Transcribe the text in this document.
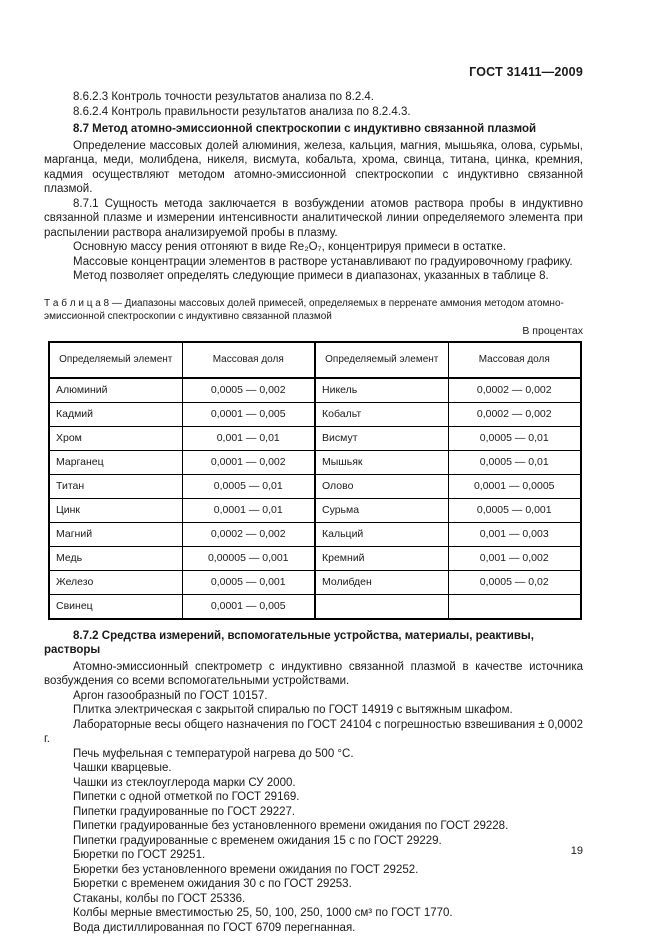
ГОСТ 31411—2009

8.6.2.3 Контроль точности результатов анализа по 8.2.4.

8.6.2.4 Контроль правильности результатов анализа по 8.2.4.3.

8.7 Метод атомно-эмиссионной спектроскопии с индуктивно связанной плазмой

Определение массовых долей алюминия, железа, кальция, магния, мышьяка, олова, сурьмы, марганца, меди, молибдена, никеля, висмута, кобальта, хрома, свинца, титана, цинка, кремния, кадмия осуществляют методом атомно-эмиссионной спектроскопии с индуктивно связанной плазмой.

8.7.1 Сущность метода заключается в возбуждении атомов раствора пробы в индуктивно связанной плазме и измерении интенсивности аналитической линии определяемого элемента при распылении раствора анализируемой пробы в плазму.

Основную массу рения отгоняют в виде Re₂O₇, концентрируя примеси в остатке.

Массовые концентрации элементов в растворе устанавливают по градуировочному графику.

Метод позволяет определять следующие примеси в диапазонах, указанных в таблице 8.

Т а б л и ц а 8 — Диапазоны массовых долей примесей, определяемых в перренате аммония методом атомно-эмиссионной спектроскопии с индуктивно связанной плазмой
В процентах
Определяемый элемент	Массовая доля	Определяемый элемент	Массовая доля
Алюминий	0,0005 — 0,002	Никель	0,0002 — 0,002
Кадмий	0,0001 — 0,005	Кобальт	0,0002 — 0,002
Хром	0,001 — 0,01	Висмут	0,0005 — 0,01
Марганец	0,0001 — 0,002	Мышьяк	0,0005 — 0,01
Титан	0,0005 — 0,01	Олово	0,0001 — 0,0005
Цинк	0,0001 — 0,01	Сурьма	0,0005 — 0,001
Магний	0,0002 — 0,002	Кальций	0,001 — 0,003
Медь	0,00005 — 0,001	Кремний	0,001 — 0,002
Железо	0,0005 — 0,001	Молибден	0,0005 — 0,02
Свинец	0,0001 — 0,005		

8.7.2 Средства измерений, вспомогательные устройства, материалы, реактивы, растворы

Атомно-эмиссионный спектрометр с индуктивно связанной плазмой в качестве источника возбуждения со всеми вспомогательными устройствами.

Аргон газообразный по ГОСТ 10157.

Плитка электрическая с закрытой спиралью по ГОСТ 14919 с вытяжным шкафом.

Лабораторные весы общего назначения по ГОСТ 24104 с погрешностью взвешивания ± 0,0002 г.

Печь муфельная с температурой нагрева до 500 °С.

Чашки кварцевые.

Чашки из стеклоуглерода марки СУ 2000.

Пипетки с одной отметкой по ГОСТ 29169.

Пипетки градуированные по ГОСТ 29227.

Пипетки градуированные без установленного времени ожидания по ГОСТ 29228.

Пипетки градуированные с временем ожидания 15 с по ГОСТ 29229.

Бюретки по ГОСТ 29251.

Бюретки без установленного времени ожидания по ГОСТ 29252.

Бюретки с временем ожидания 30 с по ГОСТ 29253.

Стаканы, колбы по ГОСТ 25336.

Колбы мерные вместимостью 25, 50, 100, 250, 1000 см³ по ГОСТ 1770.

Вода дистиллированная по ГОСТ 6709 перегнанная.

19
